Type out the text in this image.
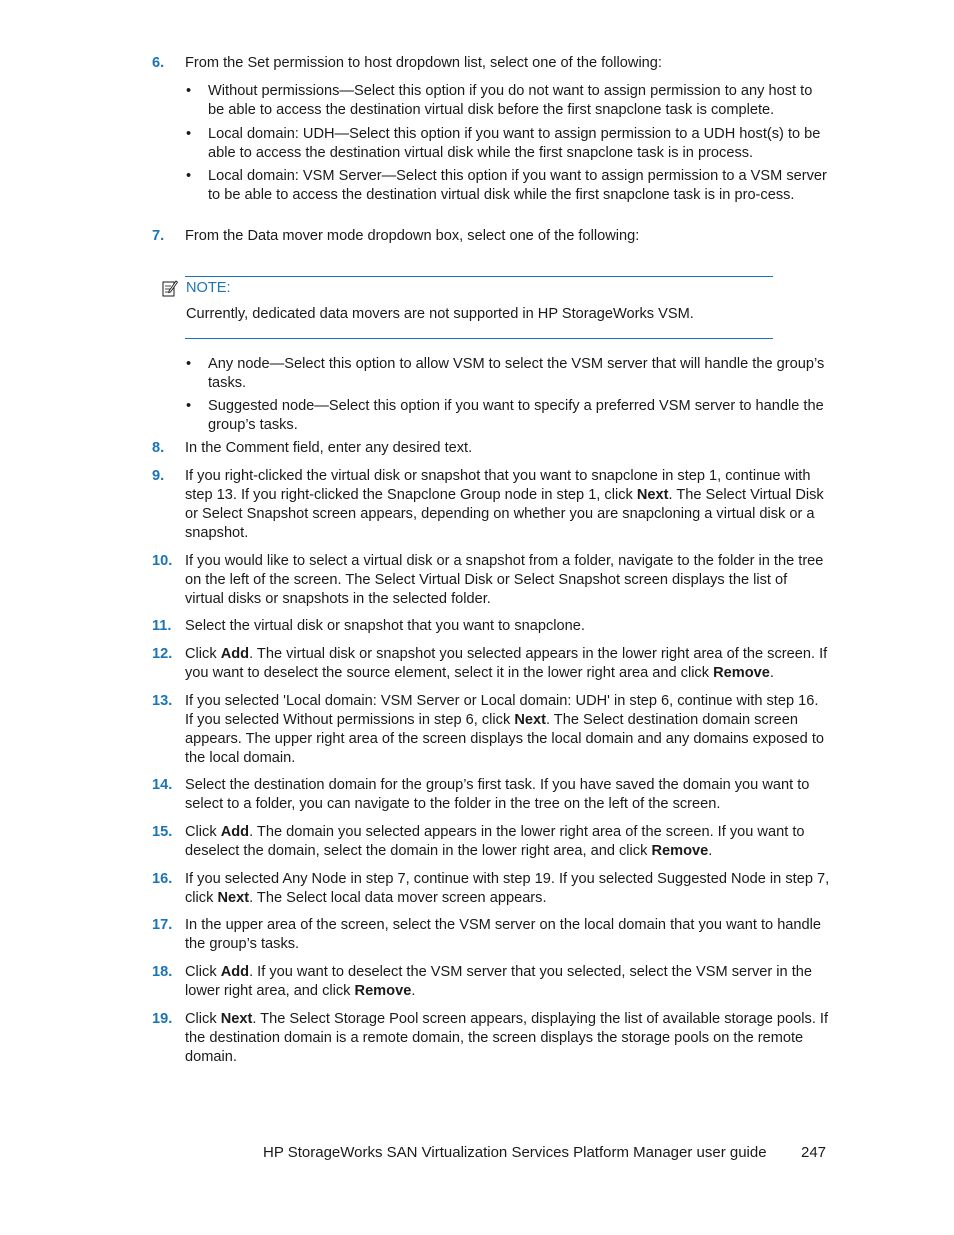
6. From the Set permission to host dropdown list, select one of the following:
• Without permissions—Select this option if you do not want to assign permission to any host to be able to access the destination virtual disk before the first snapclone task is complete.
• Local domain: UDH—Select this option if you want to assign permission to a UDH host(s) to be able to access the destination virtual disk while the first snapclone task is in process.
• Local domain: VSM Server—Select this option if you want to assign permission to a VSM server to be able to access the destination virtual disk while the first snapclone task is in pro-cess.
7. From the Data mover mode dropdown box, select one of the following:
NOTE:
Currently, dedicated data movers are not supported in HP StorageWorks VSM.
• Any node—Select this option to allow VSM to select the VSM server that will handle the group’s tasks.
• Suggested node—Select this option if you want to specify a preferred VSM server to handle the group’s tasks.
8. In the Comment field, enter any desired text.
9. If you right-clicked the virtual disk or snapshot that you want to snapclone in step 1, continue with step 13. If you right-clicked the Snapclone Group node in step 1, click Next. The Select Virtual Disk or Select Snapshot screen appears, depending on whether you are snapcloning a virtual disk or a snapshot.
10. If you would like to select a virtual disk or a snapshot from a folder, navigate to the folder in the tree on the left of the screen. The Select Virtual Disk or Select Snapshot screen displays the list of virtual disks or snapshots in the selected folder.
11. Select the virtual disk or snapshot that you want to snapclone.
12. Click Add. The virtual disk or snapshot you selected appears in the lower right area of the screen. If you want to deselect the source element, select it in the lower right area and click Remove.
13. If you selected 'Local domain: VSM Server or Local domain: UDH' in step 6, continue with step 16. If you selected Without permissions in step 6, click Next. The Select destination domain screen appears. The upper right area of the screen displays the local domain and any domains exposed to the local domain.
14. Select the destination domain for the group’s first task. If you have saved the domain you want to select to a folder, you can navigate to the folder in the tree on the left of the screen.
15. Click Add. The domain you selected appears in the lower right area of the screen. If you want to deselect the domain, select the domain in the lower right area, and click Remove.
16. If you selected Any Node in step 7, continue with step 19. If you selected Suggested Node in step 7, click Next. The Select local data mover screen appears.
17. In the upper area of the screen, select the VSM server on the local domain that you want to handle the group’s tasks.
18. Click Add. If you want to deselect the VSM server that you selected, select the VSM server in the lower right area, and click Remove.
19. Click Next. The Select Storage Pool screen appears, displaying the list of available storage pools. If the destination domain is a remote domain, the screen displays the storage pools on the remote domain.
HP StorageWorks SAN Virtualization Services Platform Manager user guide 247
